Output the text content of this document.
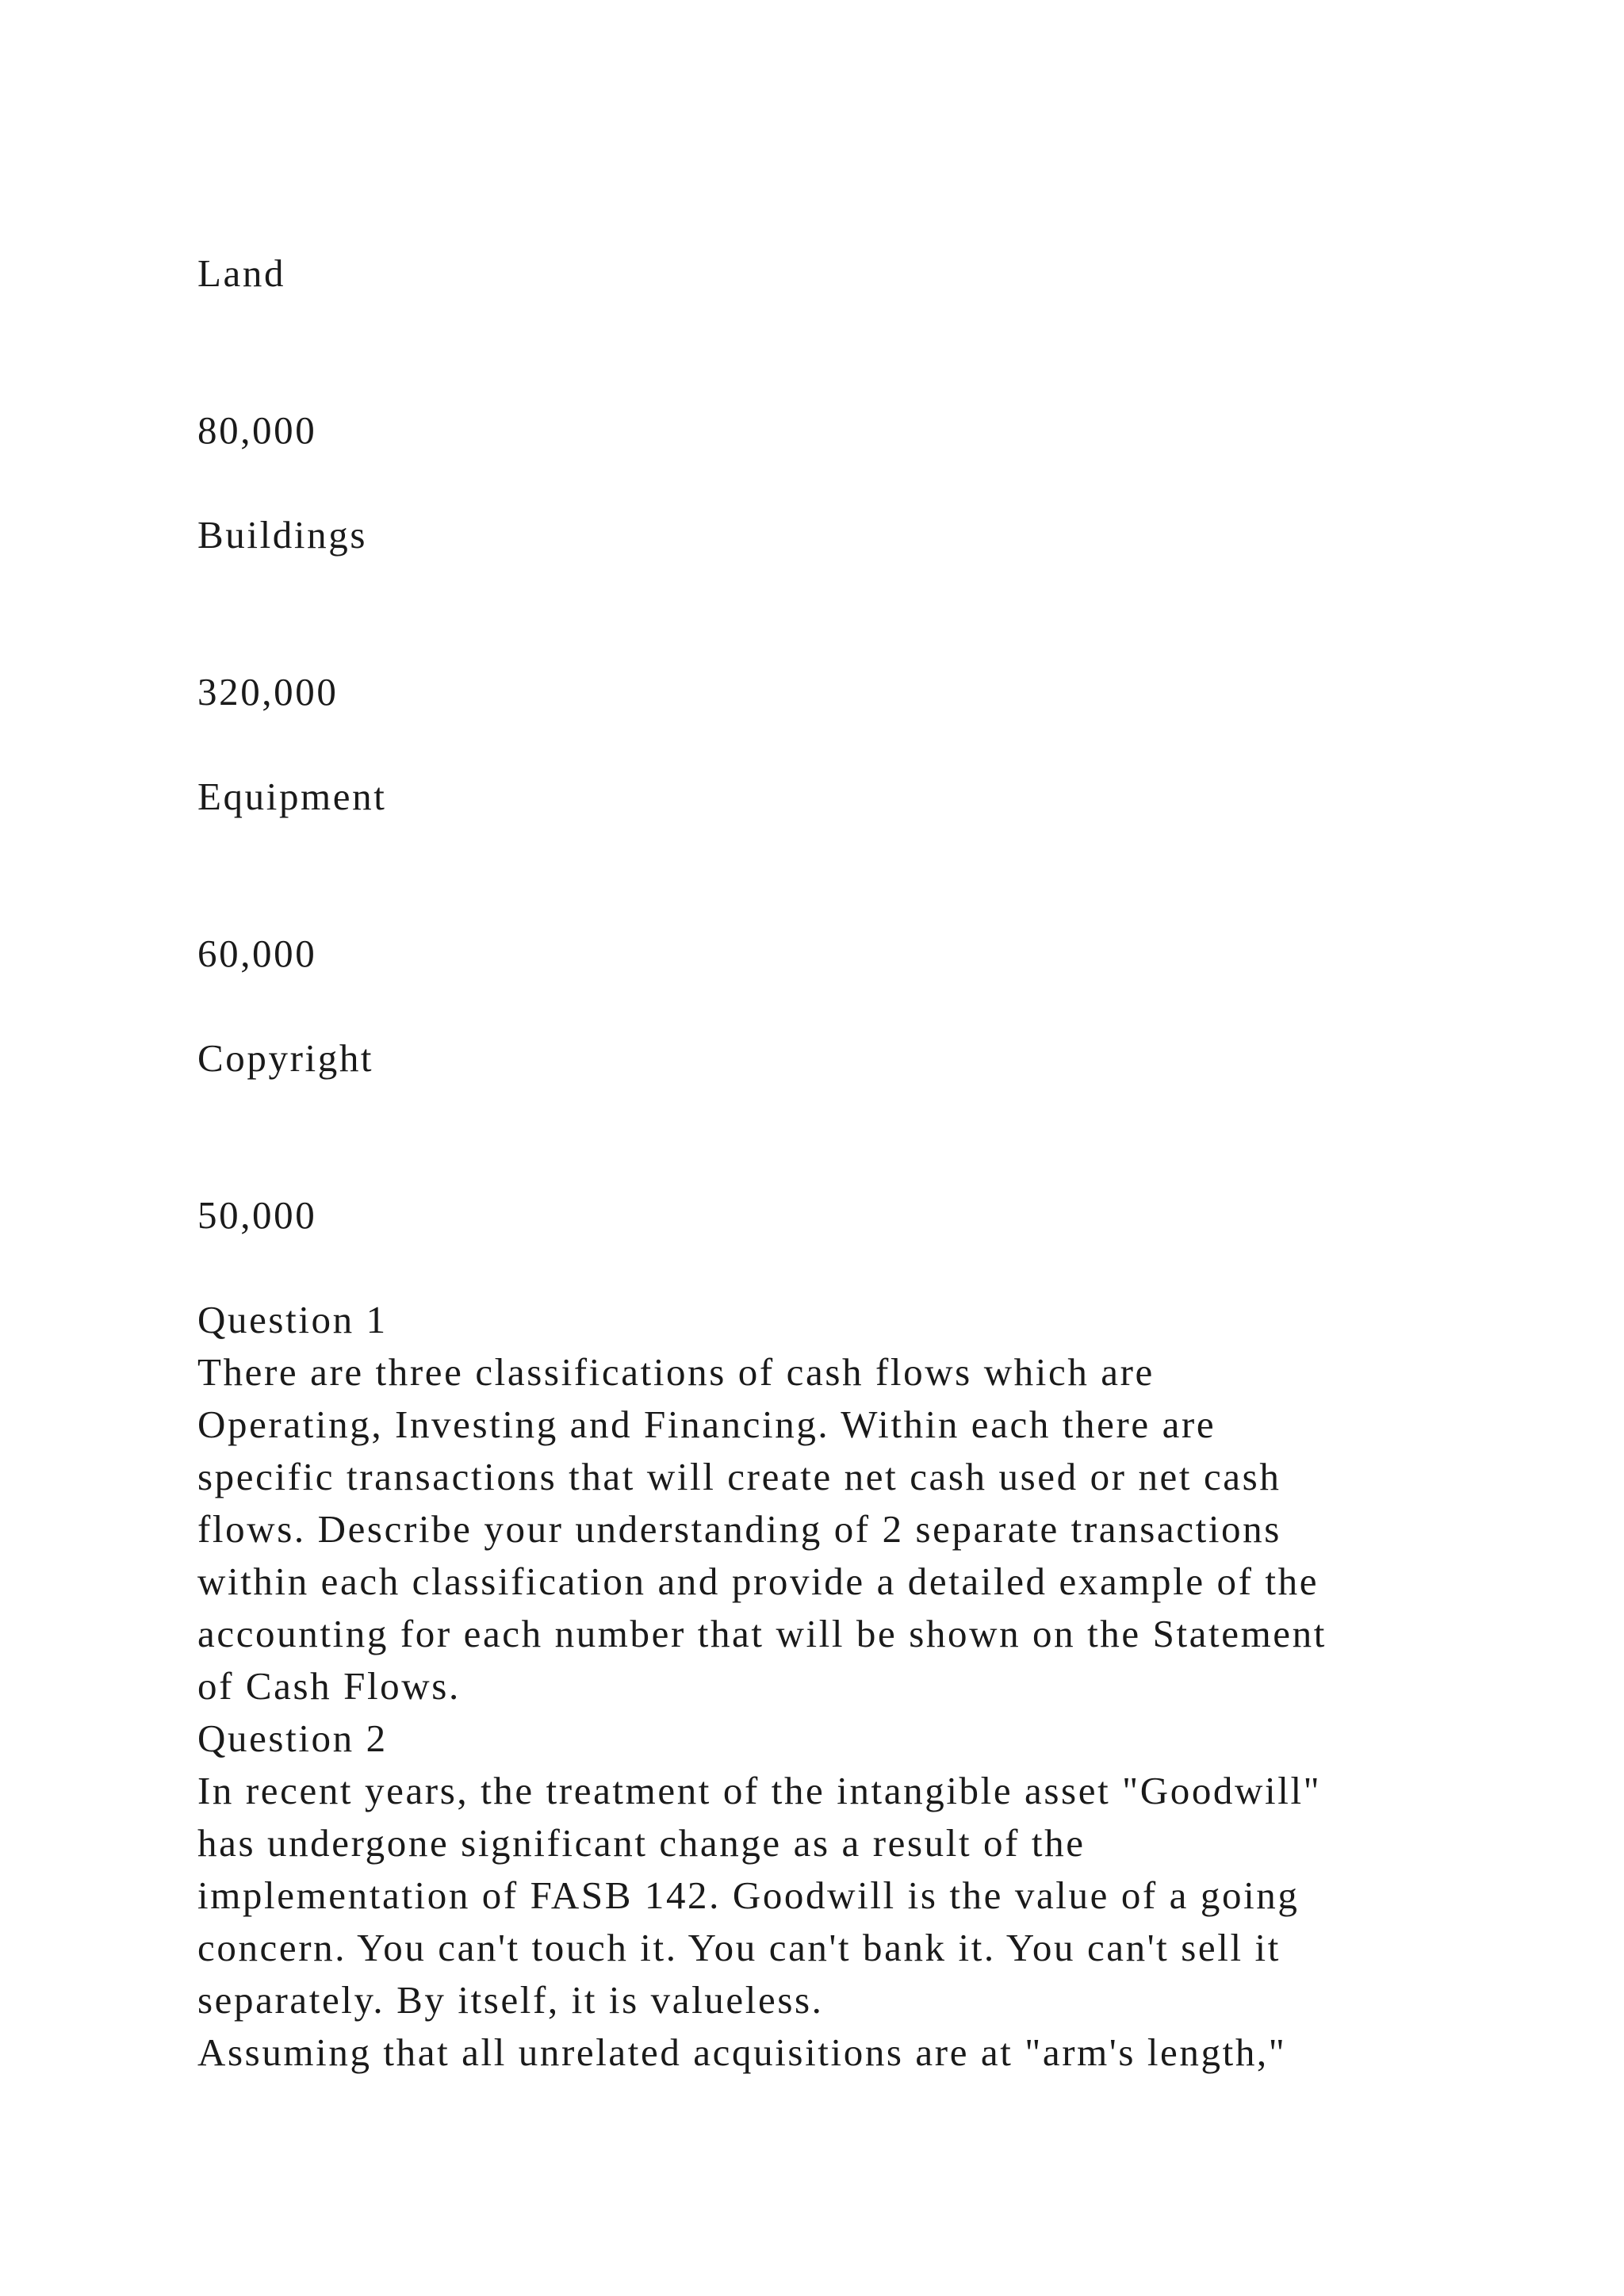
Land
80,000
Buildings
320,000
Equipment
60,000
Copyright
50,000
Question 1
There are three classifications of cash flows which are
Operating, Investing and Financing. Within each there are
specific transactions that will create net cash used or net cash
flows. Describe your understanding of 2 separate transactions
within each classification and provide a detailed example of the
accounting for each number that will be shown on the Statement
of Cash Flows.
Question 2
In recent years, the treatment of the intangible asset "Goodwill"
has undergone significant change as a result of the
implementation of FASB 142. Goodwill is the value of a going
concern. You can't touch it. You can't bank it. You can't sell it
separately. By itself, it is valueless.
Assuming that all unrelated acquisitions are at "arm's length,"
